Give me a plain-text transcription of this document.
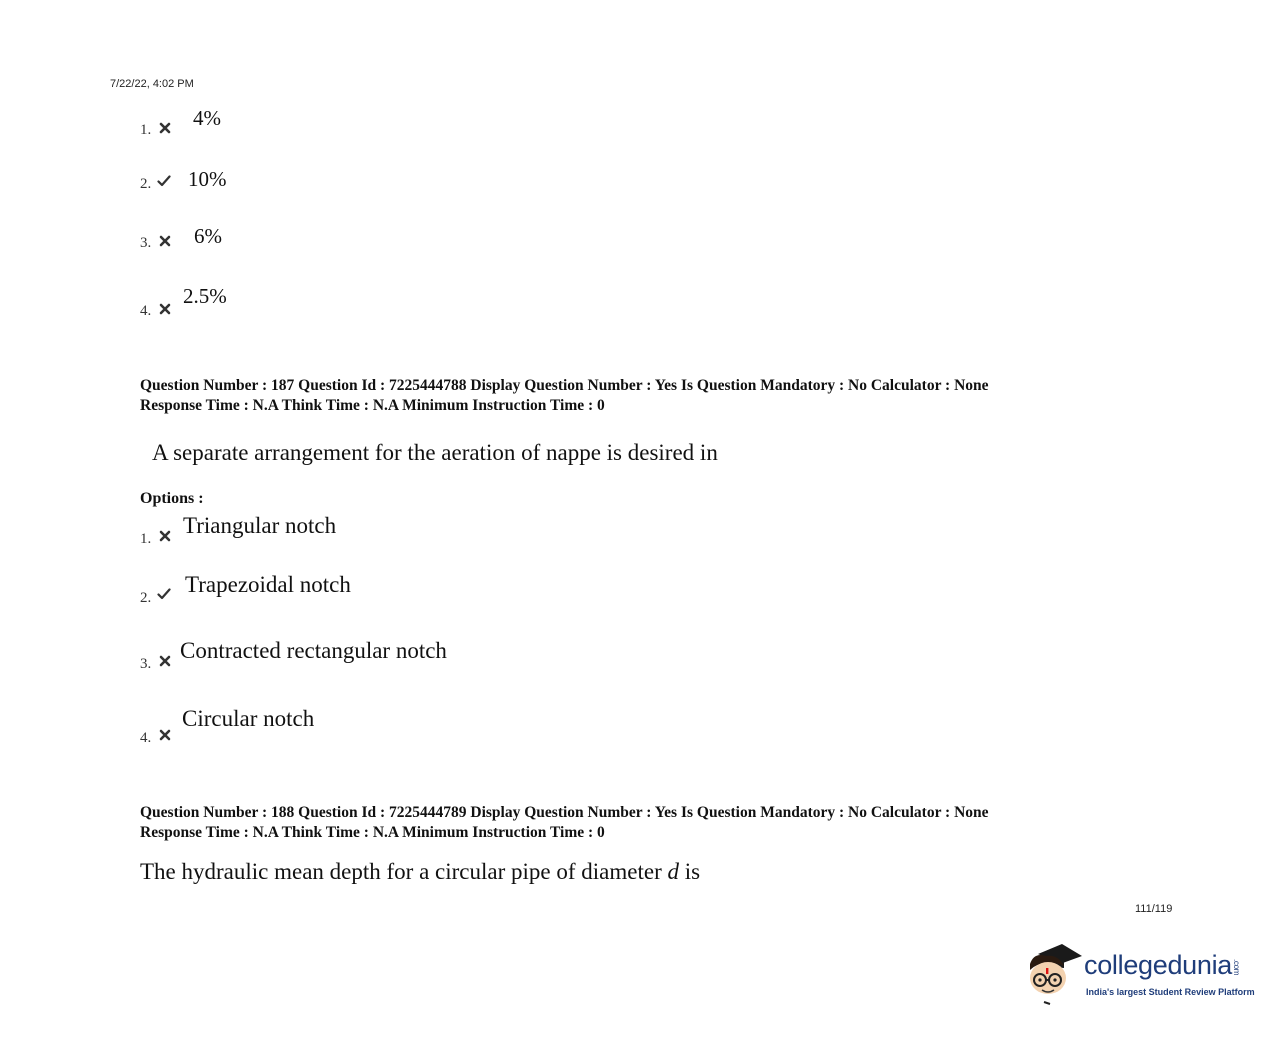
7/22/22, 4:02 PM
1. 4%
2. 10%
3. 6%
4.
2.5%
Question Number : 187 Question Id : 7225444788 Display Question Number : Yes Is Question Mandatory : No Calculator : None
Response Time : N.A Think Time : N.A Minimum Instruction Time : 0
A separate arrangement for the aeration of nappe is desired in
Options :
1.
Triangular notch
2.
Trapezoidal notch
3.
Contracted rectangular notch
4.
Circular notch
Question Number : 188 Question Id : 7225444789 Display Question Number : Yes Is Question Mandatory : No Calculator : None
Response Time : N.A Think Time : N.A Minimum Instruction Time : 0
The hydraulic mean depth for a circular pipe of diameter d is
111/119
collegedunia.com
India's largest Student Review Platform
